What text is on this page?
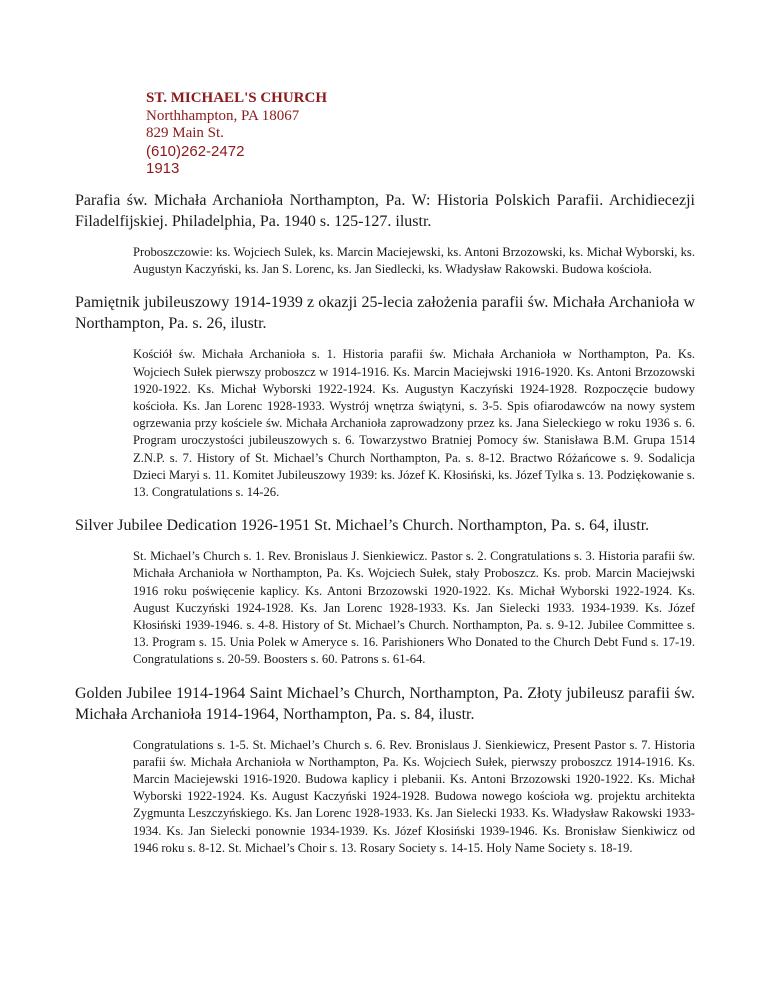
ST. MICHAEL'S CHURCH
Northhampton, PA 18067
829 Main St.
(610)262-2472
1913

Parafia św. Michała Archanioła Northampton, Pa. W: Historia Polskich Parafii. Archidiecezji Filadelfijskiej. Philadelphia, Pa. 1940 s. 125-127. ilustr.

Proboszczowie: ks. Wojciech Sulek, ks. Marcin Maciejewski, ks. Antoni Brzozowski, ks. Michał Wyborski, ks. Augustyn Kaczyński, ks. Jan S. Lorenc, ks. Jan Siedlecki, ks. Władysław Rakowski. Budowa kościoła.

Pamiętnik jubileuszowy 1914-1939 z okazji 25-lecia założenia parafii św. Michała Archanioła w Northampton, Pa. s. 26, ilustr.

Kościół św. Michała Archanioła s. 1. Historia parafii św. Michała Archanioła w Northampton, Pa. Ks. Wojciech Sułek pierwszy proboszcz w 1914-1916. Ks. Marcin Maciejwski 1916-1920. Ks. Antoni Brzozowski 1920-1922. Ks. Michał Wyborski 1922-1924. Ks. Augustyn Kaczyński 1924-1928. Rozpoczęcie budowy kościoła. Ks. Jan Lorenc 1928-1933. Wystrój wnętrza świątyni, s. 3-5. Spis ofiarodawców na nowy system ogrzewania przy kościele św. Michała Archanioła zaprowadzony przez ks. Jana Sieleckiego w roku 1936 s. 6. Program uroczystości jubileuszowych s. 6. Towarzystwo Bratniej Pomocy św. Stanisława B.M. Grupa 1514 Z.N.P. s. 7. History of St. Michael’s Church Northampton, Pa. s. 8-12. Bractwo Różańcowe s. 9. Sodalicja Dzieci Maryi s. 11. Komitet Jubileuszowy 1939: ks. Józef K. Kłosiński, ks. Józef Tylka s. 13. Podziękowanie s. 13. Congratulations s. 14-26.

Silver Jubilee Dedication 1926-1951 St. Michael’s Church. Northampton, Pa. s. 64, ilustr.

St. Michael’s Church s. 1. Rev. Bronislaus J. Sienkiewicz. Pastor s. 2. Congratulations s. 3. Historia parafii św. Michała Archanioła w Northampton, Pa. Ks. Wojciech Sułek, stały Proboszcz. Ks. prob. Marcin Maciejwski 1916 roku poświęcenie kaplicy. Ks. Antoni Brzozowski 1920-1922. Ks. Michał Wyborski 1922-1924. Ks. August Kuczyński 1924-1928. Ks. Jan Lorenc 1928-1933. Ks. Jan Sielecki 1933. 1934-1939. Ks. Józef Kłosiński 1939-1946. s. 4-8. History of St. Michael’s Church. Northampton, Pa. s. 9-12. Jubilee Committee s. 13. Program s. 15. Unia Polek w Ameryce s. 16. Parishioners Who Donated to the Church Debt Fund s. 17-19. Congratulations s. 20-59. Boosters s. 60. Patrons s. 61-64.

Golden Jubilee 1914-1964 Saint Michael’s Church, Northampton, Pa. Złoty jubileusz parafii św. Michała Archanioła 1914-1964, Northampton, Pa. s. 84, ilustr.

Congratulations s. 1-5. St. Michael’s Church s. 6. Rev. Bronislaus J. Sienkiewicz, Present Pastor s. 7. Historia parafii św. Michała Archanioła w Northampton, Pa. Ks. Wojciech Sułek, pierwszy proboszcz 1914-1916. Ks. Marcin Maciejewski 1916-1920. Budowa kaplicy i plebanii. Ks. Antoni Brzozowski 1920-1922. Ks. Michał Wyborski 1922-1924. Ks. August Kaczyński 1924-1928. Budowa nowego kościoła wg. projektu architekta Zygmunta Leszczyńskiego. Ks. Jan Lorenc 1928-1933. Ks. Jan Sielecki 1933. Ks. Władysław Rakowski 1933-1934. Ks. Jan Sielecki ponownie 1934-1939. Ks. Józef Kłosiński 1939-1946. Ks. Bronisław Sienkiwicz od 1946 roku s. 8-12. St. Michael’s Choir s. 13. Rosary Society s. 14-15. Holy Name Society s. 18-19.
